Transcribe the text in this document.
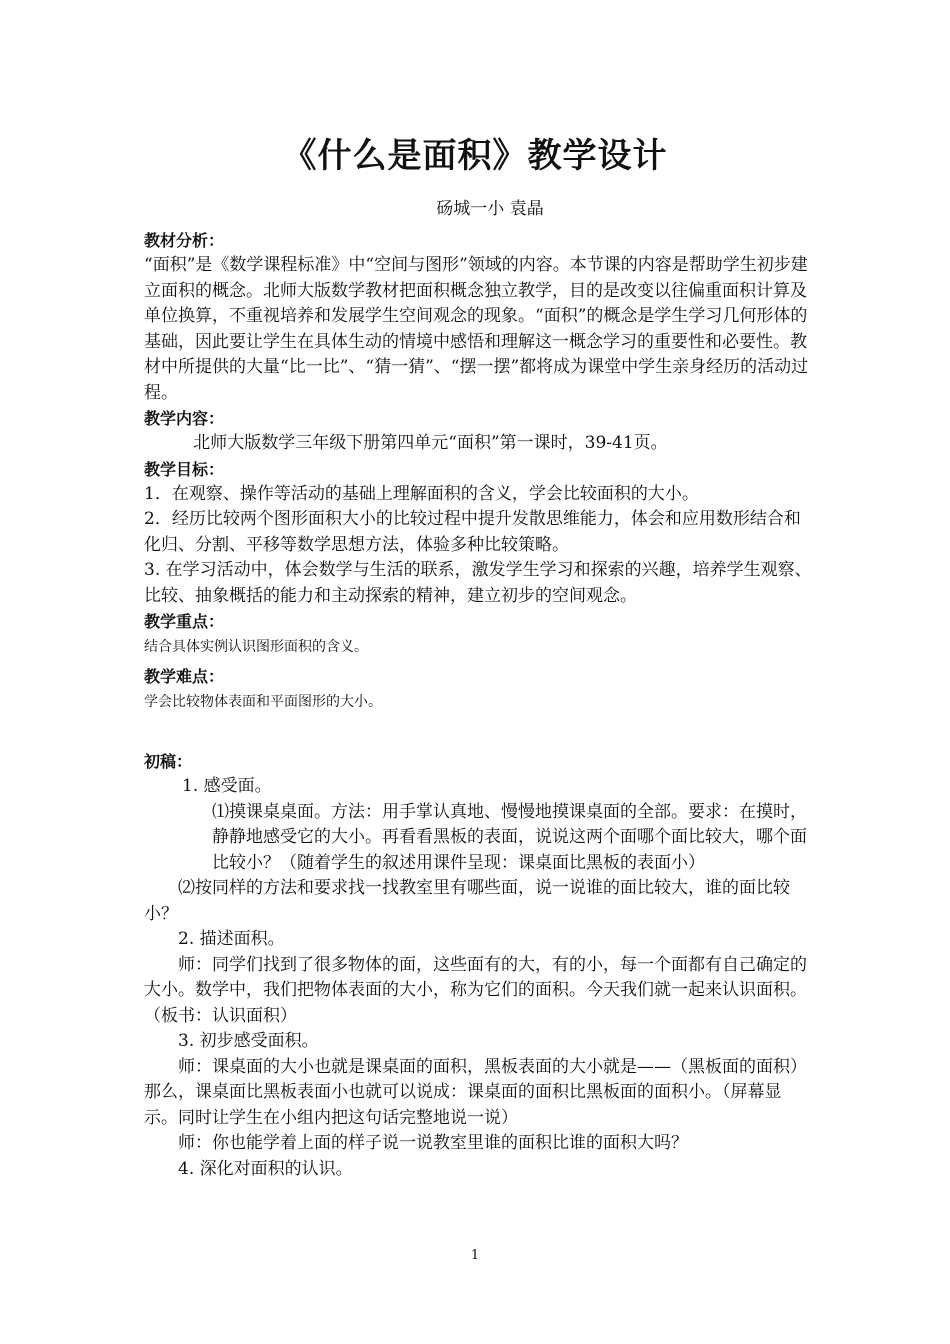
《什么是面积》教学设计
砀城一小 袁晶
教材分析：

“面积”是《数学课程标准》中“空间与图形”领域的内容。本节课的内容是帮助学生初步建立面积的概念。北师大版数学教材把面积概念独立教学，目的是改变以往偏重面积计算及单位换算，不重视培养和发展学生空间观念的现象。“面积”的概念是学生学习几何形体的基础，因此要让学生在具体生动的情境中感悟和理解这一概念学习的重要性和必要性。教材中所提供的大量“比一比”、“猜一猜”、“摆一摆”都将成为课堂中学生亲身经历的活动过程。

教学内容：

北师大版数学三年级下册第四单元“面积”第一课时，39-41页。

教学目标：

1．在观察、操作等活动的基础上理解面积的含义，学会比较面积的大小。

2．经历比较两个图形面积大小的比较过程中提升发散思维能力，体会和应用数形结合和化归、分割、平移等数学思想方法，体验多种比较策略。

3. 在学习活动中，体会数学与生活的联系，激发学生学习和探索的兴趣，培养学生观察、比较、抽象概括的能力和主动探索的精神，建立初步的空间观念。

教学重点：

结合具体实例认识图形面积的含义。

教学难点：

学会比较物体表面和平面图形的大小。

初稿：

1. 感受面。

⑴摸课桌桌面。方法：用手掌认真地、慢慢地摸课桌面的全部。要求：在摸时，静静地感受它的大小。再看看黑板的表面，说说这两个面哪个面比较大，哪个面比较小？（随着学生的叙述用课件呈现：课桌面比黑板的表面小）

⑵按同样的方法和要求找一找教室里有哪些面，说一说谁的面比较大，谁的面比较小？

2. 描述面积。

师：同学们找到了很多物体的面，这些面有的大，有的小，每一个面都有自己确定的大小。数学中，我们把物体表面的大小，称为它们的面积。今天我们就一起来认识面积。（板书：认识面积）

3. 初步感受面积。

师：课桌面的大小也就是课桌面的面积，黑板表面的大小就是——（黑板面的面积）那么，课桌面比黑板表面小也就可以说成：课桌面的面积比黑板面的面积小。（屏幕显示。同时让学生在小组内把这句话完整地说一说）

师：你也能学着上面的样子说一说教室里谁的面积比谁的面积大吗？

4. 深化对面积的认识。

1
